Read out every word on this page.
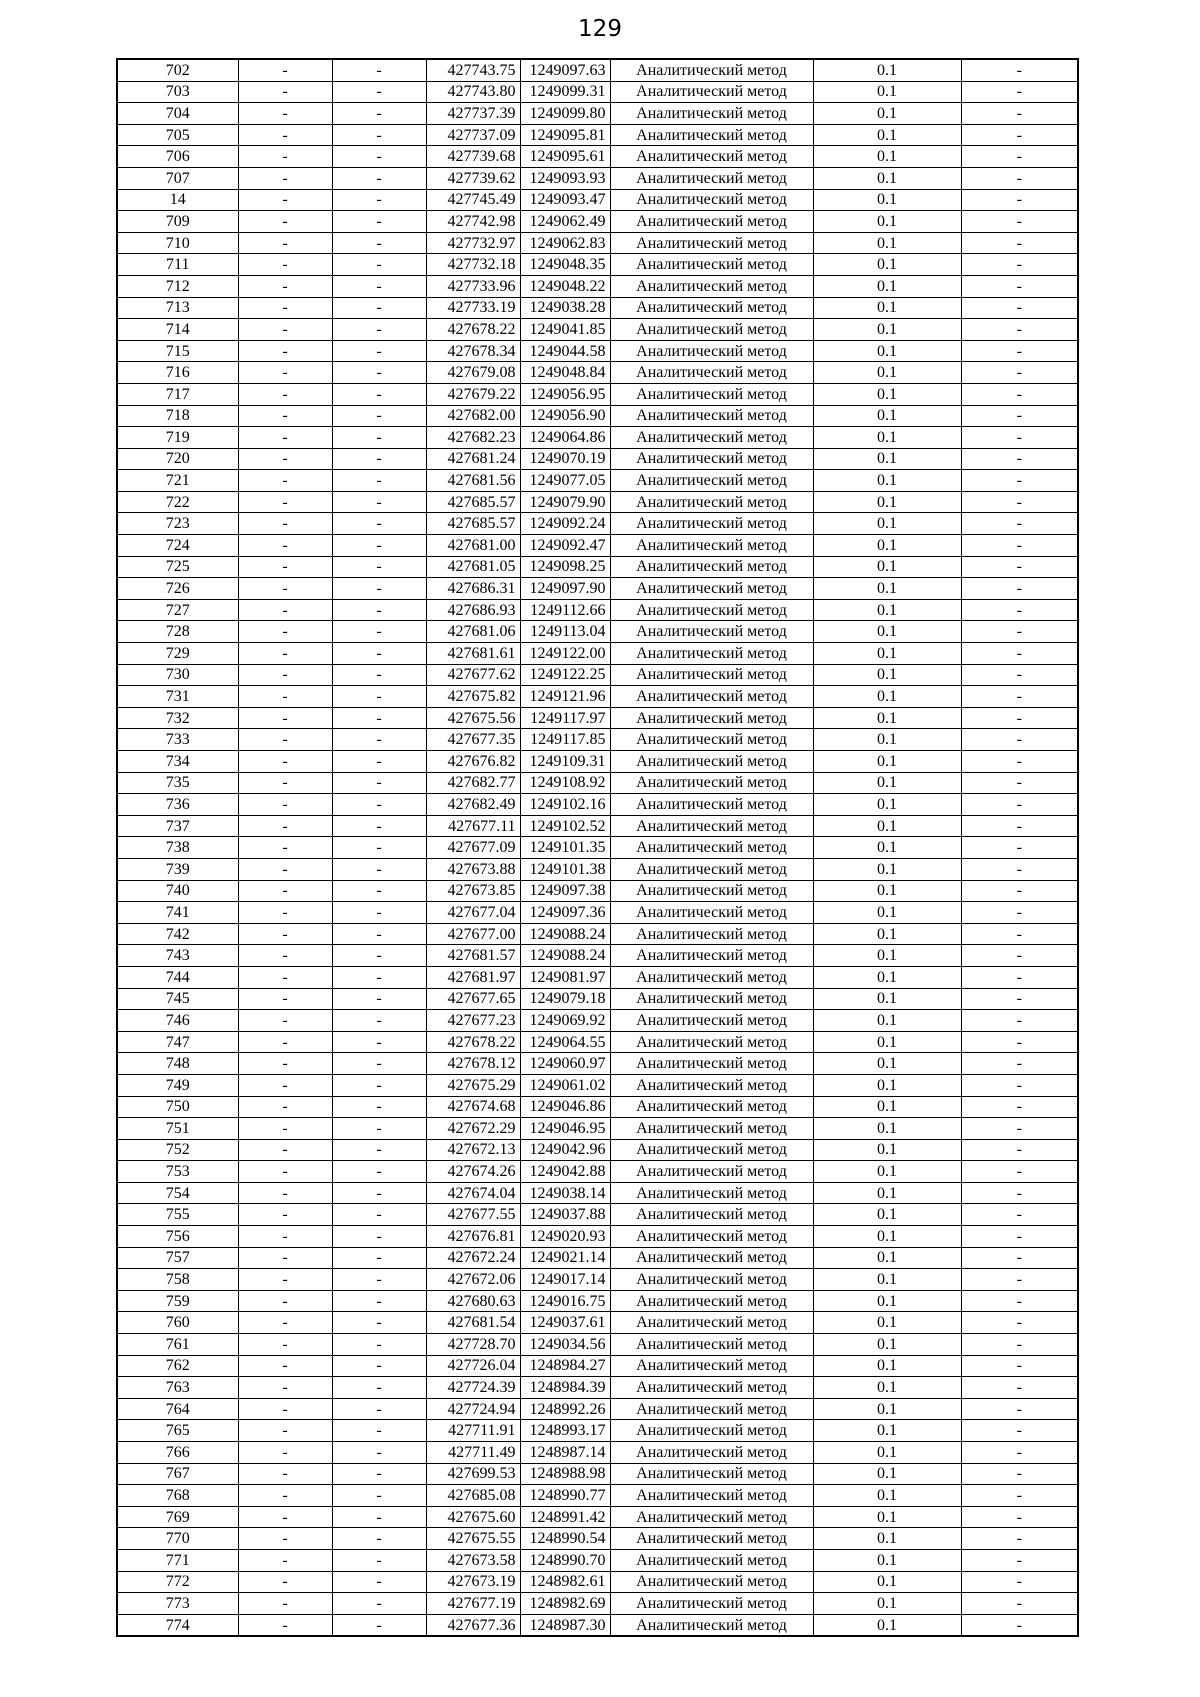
129
702	-	-	427743.75	1249097.63	Аналитический метод	0.1	-
703	-	-	427743.80	1249099.31	Аналитический метод	0.1	-
704	-	-	427737.39	1249099.80	Аналитический метод	0.1	-
705	-	-	427737.09	1249095.81	Аналитический метод	0.1	-
706	-	-	427739.68	1249095.61	Аналитический метод	0.1	-
707	-	-	427739.62	1249093.93	Аналитический метод	0.1	-
14	-	-	427745.49	1249093.47	Аналитический метод	0.1	-
709	-	-	427742.98	1249062.49	Аналитический метод	0.1	-
710	-	-	427732.97	1249062.83	Аналитический метод	0.1	-
711	-	-	427732.18	1249048.35	Аналитический метод	0.1	-
712	-	-	427733.96	1249048.22	Аналитический метод	0.1	-
713	-	-	427733.19	1249038.28	Аналитический метод	0.1	-
714	-	-	427678.22	1249041.85	Аналитический метод	0.1	-
715	-	-	427678.34	1249044.58	Аналитический метод	0.1	-
716	-	-	427679.08	1249048.84	Аналитический метод	0.1	-
717	-	-	427679.22	1249056.95	Аналитический метод	0.1	-
718	-	-	427682.00	1249056.90	Аналитический метод	0.1	-
719	-	-	427682.23	1249064.86	Аналитический метод	0.1	-
720	-	-	427681.24	1249070.19	Аналитический метод	0.1	-
721	-	-	427681.56	1249077.05	Аналитический метод	0.1	-
722	-	-	427685.57	1249079.90	Аналитический метод	0.1	-
723	-	-	427685.57	1249092.24	Аналитический метод	0.1	-
724	-	-	427681.00	1249092.47	Аналитический метод	0.1	-
725	-	-	427681.05	1249098.25	Аналитический метод	0.1	-
726	-	-	427686.31	1249097.90	Аналитический метод	0.1	-
727	-	-	427686.93	1249112.66	Аналитический метод	0.1	-
728	-	-	427681.06	1249113.04	Аналитический метод	0.1	-
729	-	-	427681.61	1249122.00	Аналитический метод	0.1	-
730	-	-	427677.62	1249122.25	Аналитический метод	0.1	-
731	-	-	427675.82	1249121.96	Аналитический метод	0.1	-
732	-	-	427675.56	1249117.97	Аналитический метод	0.1	-
733	-	-	427677.35	1249117.85	Аналитический метод	0.1	-
734	-	-	427676.82	1249109.31	Аналитический метод	0.1	-
735	-	-	427682.77	1249108.92	Аналитический метод	0.1	-
736	-	-	427682.49	1249102.16	Аналитический метод	0.1	-
737	-	-	427677.11	1249102.52	Аналитический метод	0.1	-
738	-	-	427677.09	1249101.35	Аналитический метод	0.1	-
739	-	-	427673.88	1249101.38	Аналитический метод	0.1	-
740	-	-	427673.85	1249097.38	Аналитический метод	0.1	-
741	-	-	427677.04	1249097.36	Аналитический метод	0.1	-
742	-	-	427677.00	1249088.24	Аналитический метод	0.1	-
743	-	-	427681.57	1249088.24	Аналитический метод	0.1	-
744	-	-	427681.97	1249081.97	Аналитический метод	0.1	-
745	-	-	427677.65	1249079.18	Аналитический метод	0.1	-
746	-	-	427677.23	1249069.92	Аналитический метод	0.1	-
747	-	-	427678.22	1249064.55	Аналитический метод	0.1	-
748	-	-	427678.12	1249060.97	Аналитический метод	0.1	-
749	-	-	427675.29	1249061.02	Аналитический метод	0.1	-
750	-	-	427674.68	1249046.86	Аналитический метод	0.1	-
751	-	-	427672.29	1249046.95	Аналитический метод	0.1	-
752	-	-	427672.13	1249042.96	Аналитический метод	0.1	-
753	-	-	427674.26	1249042.88	Аналитический метод	0.1	-
754	-	-	427674.04	1249038.14	Аналитический метод	0.1	-
755	-	-	427677.55	1249037.88	Аналитический метод	0.1	-
756	-	-	427676.81	1249020.93	Аналитический метод	0.1	-
757	-	-	427672.24	1249021.14	Аналитический метод	0.1	-
758	-	-	427672.06	1249017.14	Аналитический метод	0.1	-
759	-	-	427680.63	1249016.75	Аналитический метод	0.1	-
760	-	-	427681.54	1249037.61	Аналитический метод	0.1	-
761	-	-	427728.70	1249034.56	Аналитический метод	0.1	-
762	-	-	427726.04	1248984.27	Аналитический метод	0.1	-
763	-	-	427724.39	1248984.39	Аналитический метод	0.1	-
764	-	-	427724.94	1248992.26	Аналитический метод	0.1	-
765	-	-	427711.91	1248993.17	Аналитический метод	0.1	-
766	-	-	427711.49	1248987.14	Аналитический метод	0.1	-
767	-	-	427699.53	1248988.98	Аналитический метод	0.1	-
768	-	-	427685.08	1248990.77	Аналитический метод	0.1	-
769	-	-	427675.60	1248991.42	Аналитический метод	0.1	-
770	-	-	427675.55	1248990.54	Аналитический метод	0.1	-
771	-	-	427673.58	1248990.70	Аналитический метод	0.1	-
772	-	-	427673.19	1248982.61	Аналитический метод	0.1	-
773	-	-	427677.19	1248982.69	Аналитический метод	0.1	-
774	-	-	427677.36	1248987.30	Аналитический метод	0.1	-
